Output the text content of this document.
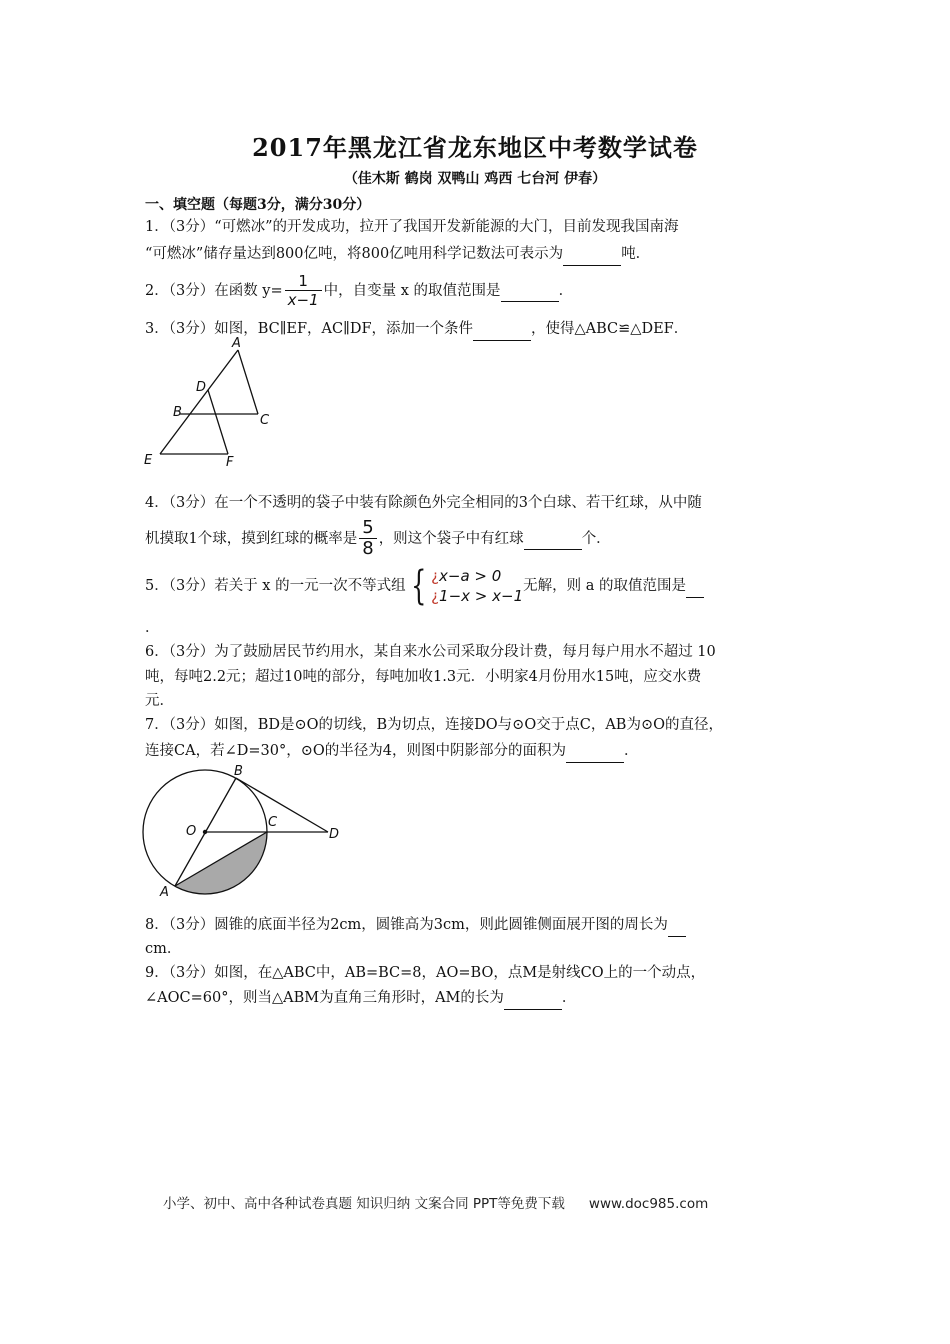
2017年黑龙江省龙东地区中考数学试卷
（佳木斯 鹤岗 双鸭山 鸡西 七台河 伊春）
一、填空题（每题3分，满分30分）
1．（3分）“可燃冰”的开发成功，拉开了我国开发新能源的大门，目前发现我国南海
“可燃冰”储存量达到800亿吨，将800亿吨用科学记数法可表示为	吨．
2．（3分）在函数 $y= \frac{1}{x-1}$ 中，自变量 x 的取值范围是
	．
3．（3分）如图，BC∥EF，AC∥DF，添加一个条件	，使得△ABC≌△DEF．
A
D
B
C
E	F
4．（3分）在一个不透明的袋子中装有除颜色外完全相同的3个白球、若干红球，从中随
机摸取1个球，摸到红球的概率是 $\frac{5}{8}$ ，则这个袋子中有红球
	个．
5．（3分）若关于 x 的一元一次不等式组 { ¿x−a > 0
¿1−x > x−1
无解，则 a 的取值范围是

．
6．（3分）为了鼓励居民节约用水，某自来水公司采取分段计费，每月每户用水不超过 10
吨，每吨2.2元；超过10吨的部分，每吨加收1.3元．小明家4月份用水15吨，应交水费
元．
7．（3分）如图，BD是⊙O的切线，B为切点，连接DO与⊙O交于点C，AB为⊙O的直径，
连接CA，若∠D=30°，⊙O的半径为4，则图中阴影部分的面积为	．
B
O
C
D
A
8．（3分）圆锥的底面半径为2cm，圆锥高为3cm，则此圆锥侧面展开图的周长为
cm．
9．（3分）如图，在△ABC中，AB=BC=8，AO=BO，点M是射线CO上的一个动点，
∠AOC=60°，则当△ABM为直角三角形时，AM的长为	．
小学、初中、高中各种试卷真题 知识归纳 文案合同 PPT等免费下载 www.doc985.com
